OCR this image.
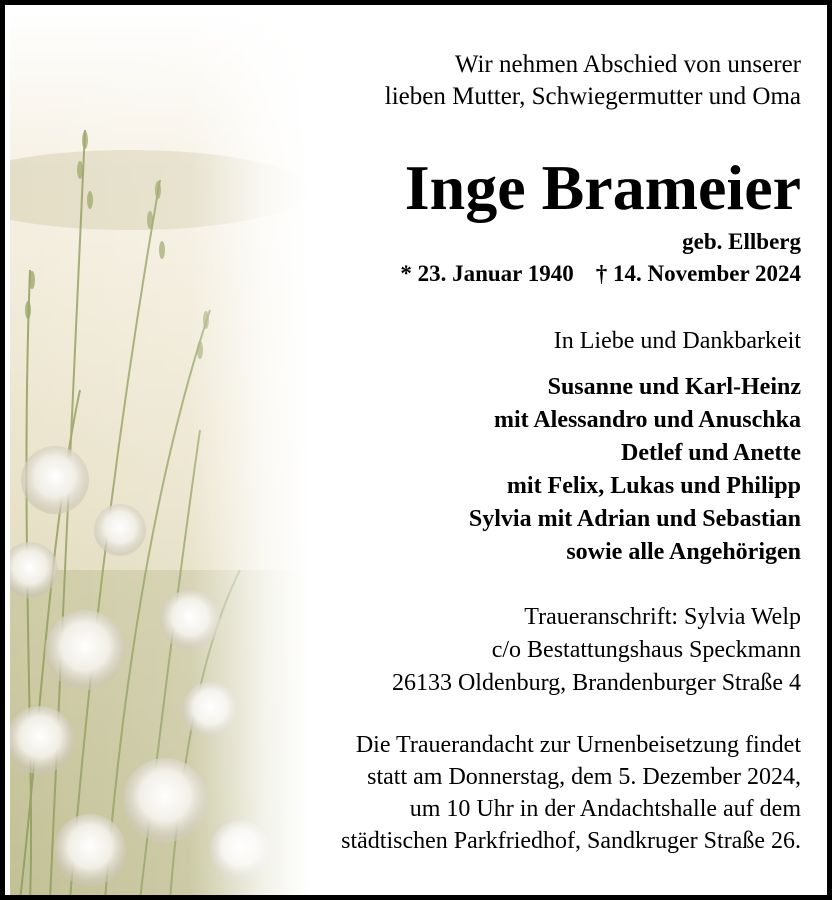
Wir nehmen Abschied von unserer

lieben Mutter, Schwiegermutter und Oma

Inge Brameier
geb. Ellberg
* 23. Januar 1940 † 14. November 2024
In Liebe und Dankbarkeit

Susanne und Karl-Heinz

mit Alessandro und Anuschka

Detlef und Anette

mit Felix, Lukas und Philipp

Sylvia mit Adrian und Sebastian

sowie alle Angehörigen

Traueranschrift: Sylvia Welp

c/o Bestattungshaus Speckmann

26133 Oldenburg, Brandenburger Straße 4

Die Trauerandacht zur Urnenbeisetzung findet

statt am Donnerstag, dem 5. Dezember 2024,

um 10 Uhr in der Andachtshalle auf dem

städtischen Parkfriedhof, Sandkruger Straße 26.
